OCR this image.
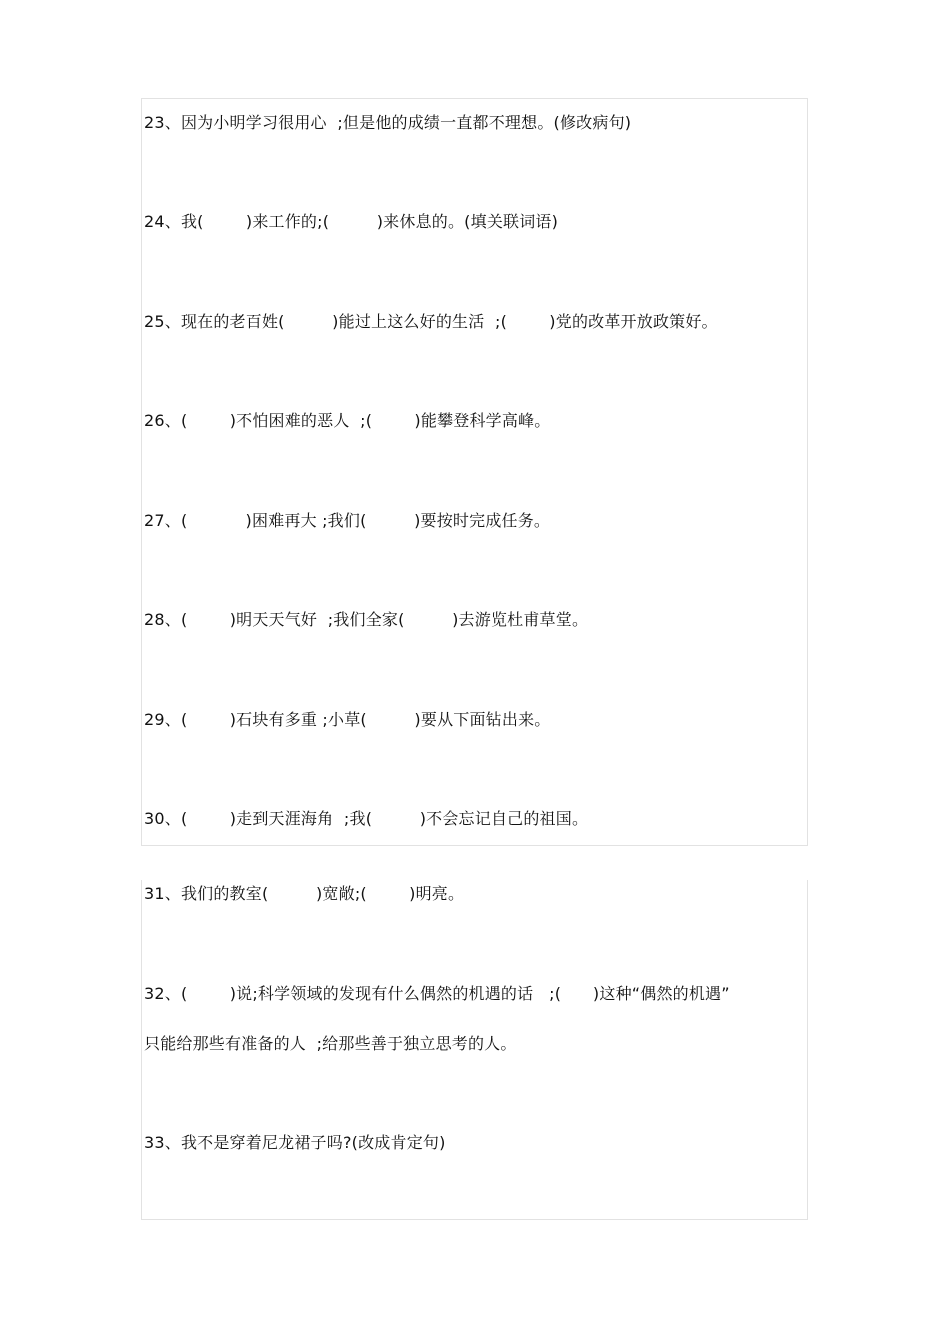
23、因为小明学习很用心  ;但是他的成绩一直都不理想。(修改病句)
24、我(        )来工作的;(         )来休息的。(填关联词语)
25、现在的老百姓(         )能过上这么好的生活  ;(        )党的改革开放政策好。
26、(        )不怕困难的恶人  ;(        )能攀登科学高峰。
27、(           )困难再大 ;我们(         )要按时完成任务。
28、(        )明天天气好  ;我们全家(         )去游览杜甫草堂。
29、(        )石块有多重 ;小草(         )要从下面钻出来。
30、(        )走到天涯海角  ;我(         )不会忘记自己的祖国。
31、我们的教室(         )宽敞;(        )明亮。
32、(        )说;科学领域的发现有什么偶然的机遇的话   ;(      )这种“偶然的机遇”
只能给那些有准备的人  ;给那些善于独立思考的人。
33、我不是穿着尼龙裙子吗?(改成肯定句)
